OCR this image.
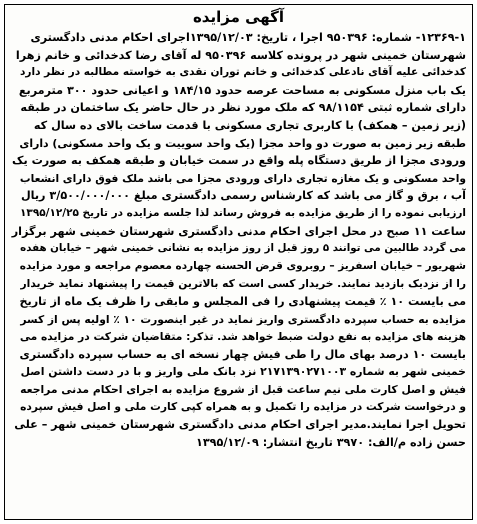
آگهی مزایده
۱۲۳۶۹-۱- شماره: ۹۵۰۳۹۶ اجرا ، تاریخ: ۱۳۹۵/۱۲/۰۳اجرای احکام مدنی دادگستری
شهرستان خمینی شهر در پرونده کلاسه ۹۵۰۳۹۶ له آقای رضا کدخدائی و خانم زهرا
کدخدائی علیه آقای نادعلی کدخدائی و خانم توران نقدی به خواسته مطالبه در نظر دارد
یک باب منزل مسکونی به مساحت عرصه حدود ۱۸۴/۱۵ و اعیانی حدود ۳۰۰ مترمربع
دارای شماره ثبتی ۹۸/۱۱۵۴ که ملک مورد نظر در حال حاضر یک ساختمان در طبقه
(زیر زمین – همکف) با کاربری تجاری مسکونی با قدمت ساخت بالای ده سال که
طبقه زیر زمین به صورت دو واحد مجزا (یک واحد سوییت و یک واحد مسکونی) دارای
ورودی مجزا از طریق دستگاه پله واقع در سمت خیابان و طبقه همکف به صورت یک
واحد مسکونی و یک مغازه تجاری دارای ورودی مجزا می باشد ملک فوق دارای انشعاب
آب ، برق و گاز می باشد که کارشناس رسمی دادگستری مبلغ ۳/۵۰۰/۰۰۰/۰۰۰ ریال
ارزیابی نموده را از طریق مزایده به فروش رساند لذا جلسه مزایده در تاریخ ۱۳۹۵/۱۲/۲۵
ساعت ۱۱ صبح در محل اجرای احکام مدنی دادگستری شهرستان خمینی شهر برگزار
می گردد طالبین می توانند ۵ روز قبل از روز مزایده به نشانی خمینی شهر – خیابان هفده
شهریور – خیابان اسفریز – روبروی قرض الحسنه چهارده معصوم مراجعه و مورد مزایده
را از نزدیک بازدید نمایند. خریدار کسی است که بالاترین قیمت را پیشنهاد نماید خریدار
می بایست ۱۰ ٪ قیمت پیشنهادی را فی المجلس و مابقی را ظرف یک ماه از تاریخ
مزایده به حساب سپرده دادگستری واریز نماید در غیر اینصورت ۱۰ ٪ اولیه پس از کسر
هزینه های مزایده به نفع دولت ضبط خواهد شد. تذکر: متقاضیان شرکت در مزایده می
بایست ۱۰ درصد بهای مال را طی فیش چهار نسخه ای به حساب سپرده دادگستری
خمینی شهر به شماره ۲۱۷۱۳۹۰۲۷۱۰۰۳ نزد بانک ملی واریز و با در دست داشتن اصل
فیش و اصل کارت ملی نیم ساعت قبل از شروع مزایده به اجرای احکام مدنی مراجعه
و درخواست شرکت در مزایده را تکمیل و به همراه کپی کارت ملی و اصل فیش سپرده
تحویل اجرا نمایند.مدیر اجرای احکام مدنی دادگستری شهرستان خمینی شهر – علی
حسن زاده م/الف: ۳۹۷۰ تاریخ انتشار: ۱۳۹۵/۱۲/۰۹
